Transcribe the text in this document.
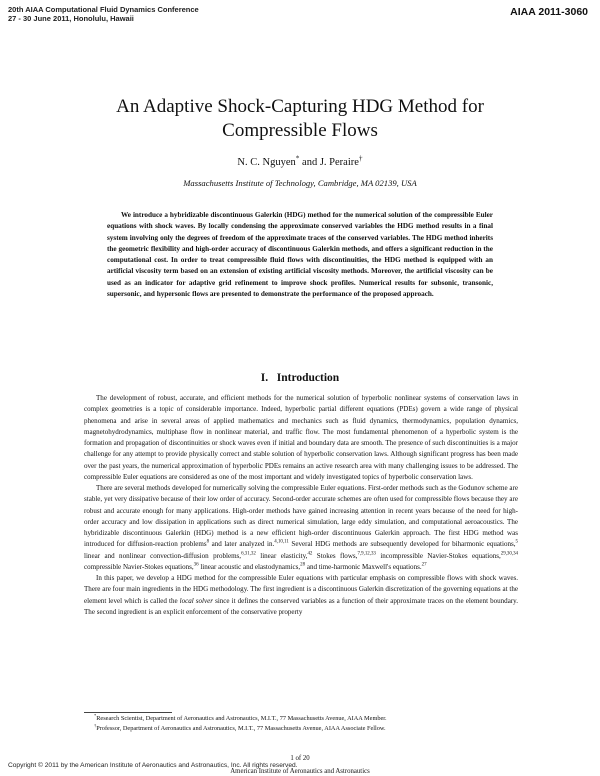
20th AIAA Computational Fluid Dynamics Conference
27 - 30 June 2011, Honolulu, Hawaii
AIAA 2011-3060
An Adaptive Shock-Capturing HDG Method for
Compressible Flows
N. C. Nguyen* and J. Peraire†
Massachusetts Institute of Technology, Cambridge, MA 02139, USA

We introduce a hybridizable discontinuous Galerkin (HDG) method for the numerical solution of the compressible Euler equations with shock waves. By locally condensing the approximate conserved variables the HDG method results in a final system involving only the degrees of freedom of the approximate traces of the conserved variables. The HDG method inherits the geometric flexibility and high-order accuracy of discontinuous Galerkin methods, and offers a significant reduction in the computational cost. In order to treat compressible fluid flows with discontinuities, the HDG method is equipped with an artificial viscosity term based on an extension of existing artificial viscosity methods. Moreover, the artificial viscosity can be used as an indicator for adaptive grid refinement to improve shock profiles. Numerical results for subsonic, transonic, supersonic, and hypersonic flows are presented to demonstrate the performance of the proposed approach.

I. Introduction

The development of robust, accurate, and efficient methods for the numerical solution of hyperbolic nonlinear systems of conservation laws in complex geometries is a topic of considerable importance. Indeed, hyperbolic partial different equations (PDEs) govern a wide range of physical phenomena and arise in several areas of applied mathematics and mechanics such as fluid dynamics, thermodynamics, population dynamics, magnetohydrodynamics, multiphase flow in nonlinear material, and traffic flow. The most fundamental phenomenon of a hyperbolic system is the formation and propagation of discontinuities or shock waves even if initial and boundary data are smooth. The presence of such discontinuities is a major challenge for any attempt to provide physically correct and stable solution of hyperbolic conservation laws. Although significant progress has been made over the past years, the numerical approximation of hyperbolic PDEs remains an active research area with many challenging issues to be addressed. The compressible Euler equations are considered as one of the most important and widely investigated topics of hyperbolic conservation laws.

There are several methods developed for numerically solving the compressible Euler equations. First-order methods such as the Godunov scheme are stable, yet very dissipative because of their low order of accuracy. Second-order accurate schemes are often used for compressible flows because they are robust and accurate enough for many applications. High-order methods have gained increasing attention in recent years because of the need for high-order accuracy and low dissipation in applications such as direct numerical simulation, large eddy simulation, and computational aeroacoustics. The hybridizable discontinuous Galerkin (HDG) method is a new efficient high-order discontinuous Galerkin approach. The first HDG method was introduced for diffusion-reaction problems$^8$ and later analyzed in.$^{4,10,11}$ Several HDG methods are subsequently developed for biharmonic equations,$^5$ linear and nonlinear convection-diffusion problems,$^{6,31,32}$ linear elasticity,$^{42}$ Stokes flows,$^{7,9,12,33}$ incompressible Navier-Stokes equations,$^{29,30,34}$ compressible Navier-Stokes equations,$^{36}$ linear acoustic and elastodynamics,$^{28}$ and time-harmonic Maxwell's equations.$^{27}$

In this paper, we develop a HDG method for the compressible Euler equations with particular emphasis on compressible flows with shock waves. There are four main ingredients in the HDG methodology. The first ingredient is a discontinuous Galerkin discretization of the governing equations at the element level which is called the local solver since it defines the conserved variables as a function of their approximate traces on the element boundary. The second ingredient is an explicit enforcement of the conservative property

*Research Scientist, Department of Aeronautics and Astronautics, M.I.T., 77 Massachusetts Avenue, AIAA Member.
†Professor, Department of Aeronautics and Astronautics, M.I.T., 77 Massachusetts Avenue, AIAA Associate Fellow.
1 of 20
Copyright © 2011 by the American Institute of Aeronautics and Astronautics, Inc. All rights reserved.
American Institute of Aeronautics and Astronautics
